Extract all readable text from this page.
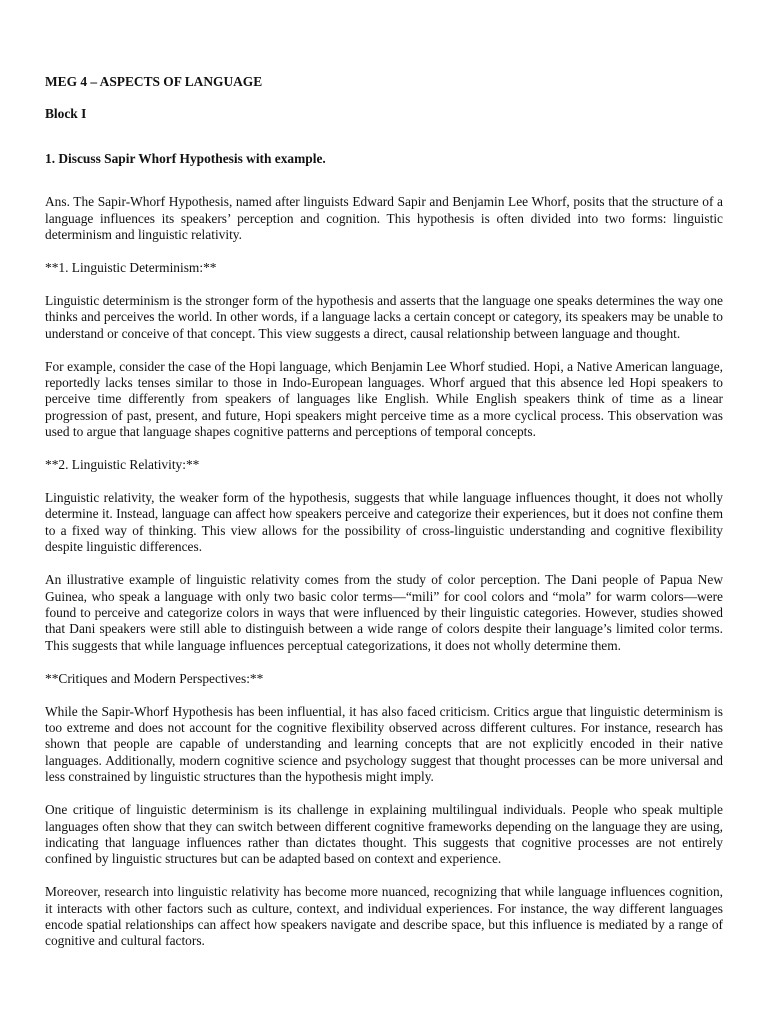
MEG 4 – ASPECTS OF LANGUAGE
Block I
1. Discuss Sapir Whorf Hypothesis with example.

Ans. The Sapir-Whorf Hypothesis, named after linguists Edward Sapir and Benjamin Lee Whorf, posits that the structure of a language influences its speakers’ perception and cognition. This hypothesis is often divided into two forms: linguistic determinism and linguistic relativity.

**1. Linguistic Determinism:**

Linguistic determinism is the stronger form of the hypothesis and asserts that the language one speaks determines the way one thinks and perceives the world. In other words, if a language lacks a certain concept or category, its speakers may be unable to understand or conceive of that concept. This view suggests a direct, causal relationship between language and thought.

For example, consider the case of the Hopi language, which Benjamin Lee Whorf studied. Hopi, a Native American language, reportedly lacks tenses similar to those in Indo-European languages. Whorf argued that this absence led Hopi speakers to perceive time differently from speakers of languages like English. While English speakers think of time as a linear progression of past, present, and future, Hopi speakers might perceive time as a more cyclical process. This observation was used to argue that language shapes cognitive patterns and perceptions of temporal concepts.

**2. Linguistic Relativity:**

Linguistic relativity, the weaker form of the hypothesis, suggests that while language influences thought, it does not wholly determine it. Instead, language can affect how speakers perceive and categorize their experiences, but it does not confine them to a fixed way of thinking. This view allows for the possibility of cross-linguistic understanding and cognitive flexibility despite linguistic differences.

An illustrative example of linguistic relativity comes from the study of color perception. The Dani people of Papua New Guinea, who speak a language with only two basic color terms—“mili” for cool colors and “mola” for warm colors—were found to perceive and categorize colors in ways that were influenced by their linguistic categories. However, studies showed that Dani speakers were still able to distinguish between a wide range of colors despite their language’s limited color terms. This suggests that while language influences perceptual categorizations, it does not wholly determine them.

**Critiques and Modern Perspectives:**

While the Sapir-Whorf Hypothesis has been influential, it has also faced criticism. Critics argue that linguistic determinism is too extreme and does not account for the cognitive flexibility observed across different cultures. For instance, research has shown that people are capable of understanding and learning concepts that are not explicitly encoded in their native languages. Additionally, modern cognitive science and psychology suggest that thought processes can be more universal and less constrained by linguistic structures than the hypothesis might imply.

One critique of linguistic determinism is its challenge in explaining multilingual individuals. People who speak multiple languages often show that they can switch between different cognitive frameworks depending on the language they are using, indicating that language influences rather than dictates thought. This suggests that cognitive processes are not entirely confined by linguistic structures but can be adapted based on context and experience.

Moreover, research into linguistic relativity has become more nuanced, recognizing that while language influences cognition, it interacts with other factors such as culture, context, and individual experiences. For instance, the way different languages encode spatial relationships can affect how speakers navigate and describe space, but this influence is mediated by a range of cognitive and cultural factors.
